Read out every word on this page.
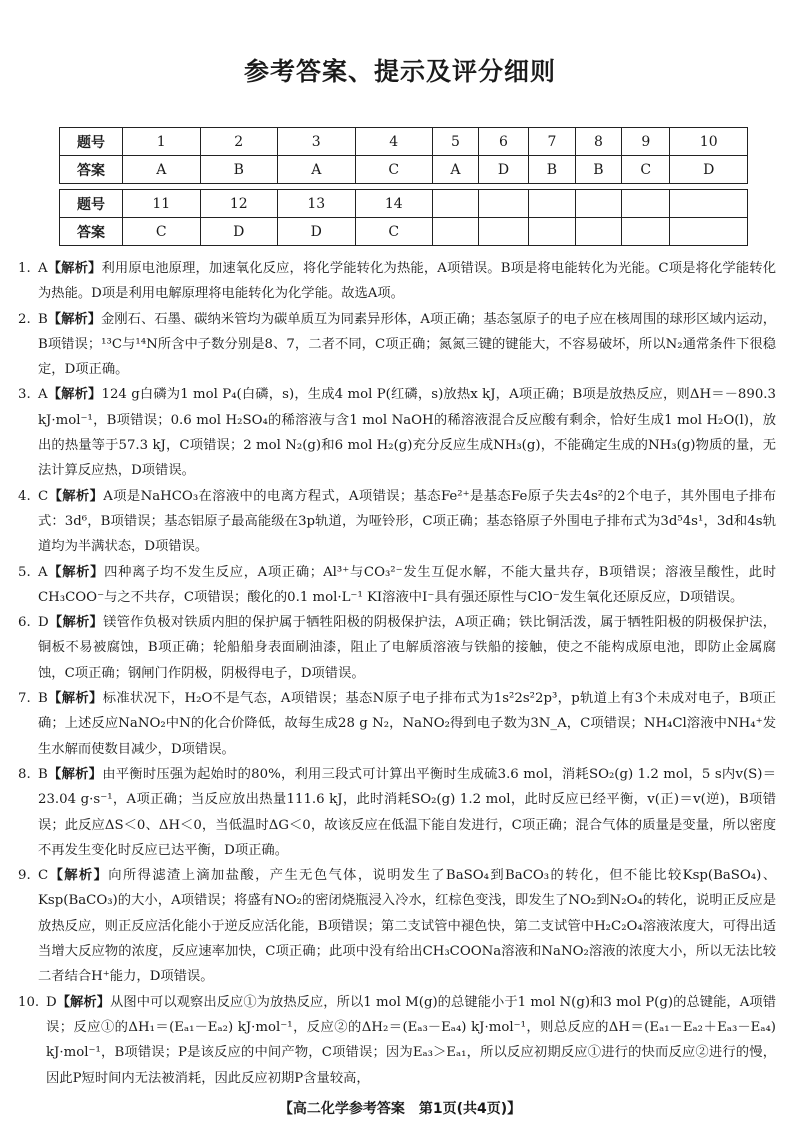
参考答案、提示及评分细则
题号	1	2	3	4	5	6	7	8	9	10
答案	A	B	A	C	A	D	B	B	C	D

题号	11	12	13	14						
答案	C	D	D	C						
1. A【解析】利用原电池原理，加速氧化反应，将化学能转化为热能，A项错误。B项是将电能转化为光能。C项是将化学能转化为热能。D项是利用电解原理将电能转化为化学能。故选A项。
2. B【解析】金刚石、石墨、碳纳米管均为碳单质互为同素异形体，A项正确；基态氢原子的电子应在核周围的球形区域内运动，B项错误；¹³C与¹⁴N所含中子数分别是8、7，二者不同，C项正确；氮氮三键的键能大，不容易破坏，所以N₂通常条件下很稳定，D项正确。
3. A【解析】124 g白磷为1 mol P₄(白磷，s)，生成4 mol P(红磷，s)放热x kJ，A项正确；B项是放热反应，则ΔH＝－890.3 kJ·mol⁻¹，B项错误；0.6 mol H₂SO₄的稀溶液与含1 mol NaOH的稀溶液混合反应酸有剩余，恰好生成1 mol H₂O(l)，放出的热量等于57.3 kJ，C项错误；2 mol N₂(g)和6 mol H₂(g)充分反应生成NH₃(g)，不能确定生成的NH₃(g)物质的量，无法计算反应热，D项错误。
4. C【解析】A项是NaHCO₃在溶液中的电离方程式，A项错误；基态Fe²⁺是基态Fe原子失去4s²的2个电子，其外围电子排布式：3d⁶，B项错误；基态铝原子最高能级在3p轨道，为哑铃形，C项正确；基态铬原子外围电子排布式为3d⁵4s¹，3d和4s轨道均为半满状态，D项错误。
5. A【解析】四种离子均不发生反应，A项正确；Al³⁺与CO₃²⁻发生互促水解，不能大量共存，B项错误；溶液呈酸性，此时CH₃COO⁻与之不共存，C项错误；酸化的0.1 mol·L⁻¹ KI溶液中I⁻具有强还原性与ClO⁻发生氧化还原反应，D项错误。
6. D【解析】镁管作负极对铁质内胆的保护属于牺牲阳极的阴极保护法，A项正确；铁比铜活泼，属于牺牲阳极的阴极保护法，铜板不易被腐蚀，B项正确；轮船船身表面刷油漆，阻止了电解质溶液与铁船的接触，使之不能构成原电池，即防止金属腐蚀，C项正确；钢闸门作阴极，阴极得电子，D项错误。
7. B【解析】标准状况下，H₂O不是气态，A项错误；基态N原子电子排布式为1s²2s²2p³，p轨道上有3个未成对电子，B项正确；上述反应NaNO₂中N的化合价降低，故每生成28 g N₂，NaNO₂得到电子数为3N_A，C项错误；NH₄Cl溶液中NH₄⁺发生水解而使数目减少，D项错误。
8. B【解析】由平衡时压强为起始时的80%，利用三段式可计算出平衡时生成硫3.6 mol，消耗SO₂(g) 1.2 mol，5 s内v(S)＝23.04 g·s⁻¹，A项正确；当反应放出热量111.6 kJ，此时消耗SO₂(g) 1.2 mol，此时反应已经平衡，v(正)＝v(逆)，B项错误；此反应ΔS＜0、ΔH＜0，当低温时ΔG＜0，故该反应在低温下能自发进行，C项正确；混合气体的质量是变量，所以密度不再发生变化时反应已达平衡，D项正确。
9. C【解析】向所得滤渣上滴加盐酸，产生无色气体，说明发生了BaSO₄到BaCO₃的转化，但不能比较Ksp(BaSO₄)、Ksp(BaCO₃)的大小，A项错误；将盛有NO₂的密闭烧瓶浸入冷水，红棕色变浅，即发生了NO₂到N₂O₄的转化，说明正反应是放热反应，则正反应活化能小于逆反应活化能，B项错误；第二支试管中褪色快，第二支试管中H₂C₂O₄溶液浓度大，可得出适当增大反应物的浓度，反应速率加快，C项正确；此项中没有给出CH₃COONa溶液和NaNO₂溶液的浓度大小，所以无法比较二者结合H⁺能力，D项错误。
10. D【解析】从图中可以观察出反应①为放热反应，所以1 mol M(g)的总键能小于1 mol N(g)和3 mol P(g)的总键能，A项错误；反应①的ΔH₁＝(Eₐ₁－Eₐ₂) kJ·mol⁻¹，反应②的ΔH₂＝(Eₐ₃－Eₐ₄) kJ·mol⁻¹，则总反应的ΔH＝(Eₐ₁－Eₐ₂＋Eₐ₃－Eₐ₄) kJ·mol⁻¹，B项错误；P是该反应的中间产物，C项错误；因为Eₐ₃＞Eₐ₁，所以反应初期反应①进行的快而反应②进行的慢，因此P短时间内无法被消耗，因此反应初期P含量较高，
【高二化学参考答案　第1页(共4页)】
